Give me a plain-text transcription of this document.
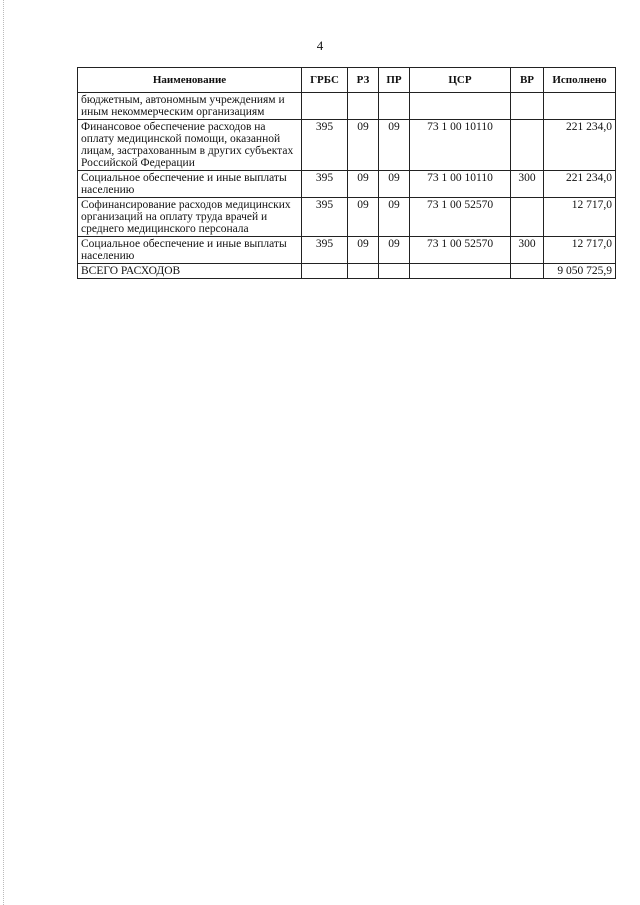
4
Наименование	ГРБС	РЗ	ПР	ЦСР	ВР	Исполнено
бюджетным, автономным учреждениям и иным некоммерческим организациям						
Финансовое обеспечение расходов на оплату медицинской помощи, оказанной лицам, застрахованным в других субъектах Российской Федерации	395	09	09	73 1 00 10110		221 234,0
Социальное обеспечение и иные выплаты населению	395	09	09	73 1 00 10110	300	221 234,0
Софинансирование расходов медицинских организаций на оплату труда врачей и среднего медицинского персонала	395	09	09	73 1 00 52570		12 717,0
Социальное обеспечение и иные выплаты населению	395	09	09	73 1 00 52570	300	12 717,0
ВСЕГО РАСХОДОВ						9 050 725,9
